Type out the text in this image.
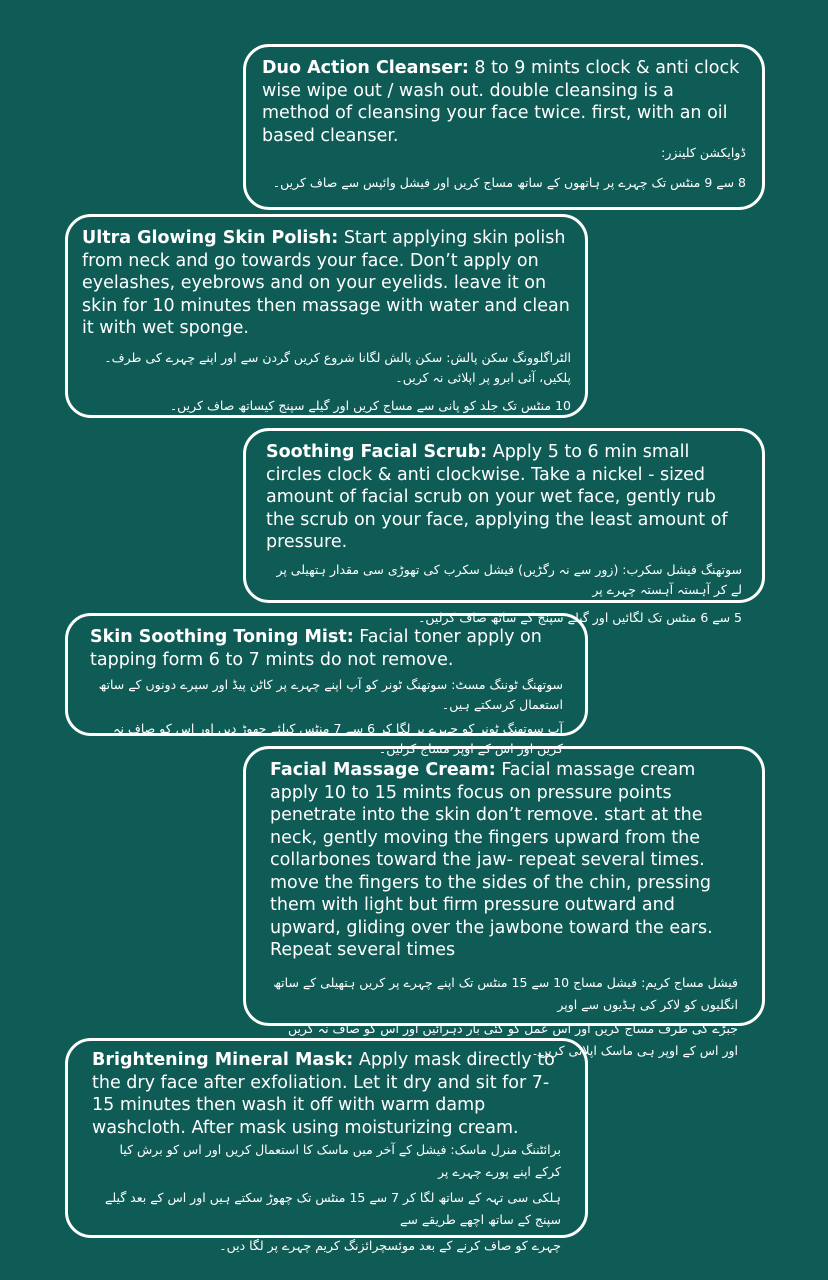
Duo Action Cleanser: 8 to 9 mints clock & anti clock wise wipe out / wash out. double cleansing is a method of cleansing your face twice. first, with an oil based cleanser.

ڈوایکشن کلینزر:

8 سے 9 منٹس تک چہرے پر ہاتھوں کے ساتھ مساج کریں اور فیشل وائپس سے صاف کریں۔

Ultra Glowing Skin Polish: Start applying skin polish from neck and go towards your face. Don’t apply on eyelashes, eyebrows and on your eyelids. leave it on skin for 10 minutes then massage with water and clean it with wet sponge.

الٹراگلوونگ سکن پالش: سکن پالش لگانا شروع کریں گردن سے اور اپنے چہرے کی طرف۔ پلکیں، آئی ابرو پر اپلائی نہ کریں۔

10 منٹس تک جلد کو پانی سے مساج کریں اور گیلے سپنج کیساتھ صاف کریں۔

Soothing Facial Scrub: Apply 5 to 6 min small circles clock & anti clockwise. Take a nickel - sized amount of facial scrub on your wet face, gently rub the scrub on your face, applying the least amount of pressure.

سوتھنگ فیشل سکرب: (زور سے نہ رگڑیں) فیشل سکرب کی تھوڑی سی مقدار ہتھیلی پر لے کر آہستہ آہستہ چہرے پر

5 سے 6 منٹس تک لگائیں اور گیلے سپنج کے ساتھ صاف کرلیں۔

Skin Soothing Toning Mist: Facial toner apply on tapping form 6 to 7 mints do not remove.

سوتھنگ ٹوننگ مسٹ: سوتھنگ ٹونر کو آپ اپنے چہرے پر کاٹن پیڈ اور سپرے دونوں کے ساتھ استعمال کرسکتے ہیں۔

آپ سوتھنگ ٹونر کو چہرے پر لگا کر 6 سے 7 منٹس کیلئے چھوڑ دیں اور اس کو صاف نہ کریں اور اس کے اوپر مساج کرلیں۔

Facial Massage Cream: Facial massage cream apply 10 to 15 mints focus on pressure points penetrate into the skin don’t remove. start at the neck, gently moving the fingers upward from the collarbones toward the jaw- repeat several times. move the fingers to the sides of the chin, pressing them with light but firm pressure outward and upward, gliding over the jawbone toward the ears.

Repeat several times

فیشل مساج کریم: فیشل مساج 10 سے 15 منٹس تک اپنے چہرے پر کریں ہتھیلی کے ساتھ انگلیوں کو لاکر کی ہڈیوں سے اوپر

جبڑے کی طرف مساج کریں اور اس عمل کو کئی بار دہرائیں اور اس کو صاف نہ کریں اور اس کے اوپر ہی ماسک اپلائی کریں۔

Brightening Mineral Mask: Apply mask directly to the dry face after exfoliation. Let it dry and sit for 7-15 minutes then wash it off with warm damp washcloth. After mask using moisturizing cream.

برائٹننگ منرل ماسک: فیشل کے آخر میں ماسک کا استعمال کریں اور اس کو برش کیا کرکے اپنے پورے چہرے پر

ہلکی سی تہہ کے ساتھ لگا کر 7 سے 15 منٹس تک چھوڑ سکتے ہیں اور اس کے بعد گیلے سپنج کے ساتھ اچھے طریقے سے

چہرے کو صاف کرنے کے بعد موئسچرائزنگ کریم چہرے پر لگا دیں۔
